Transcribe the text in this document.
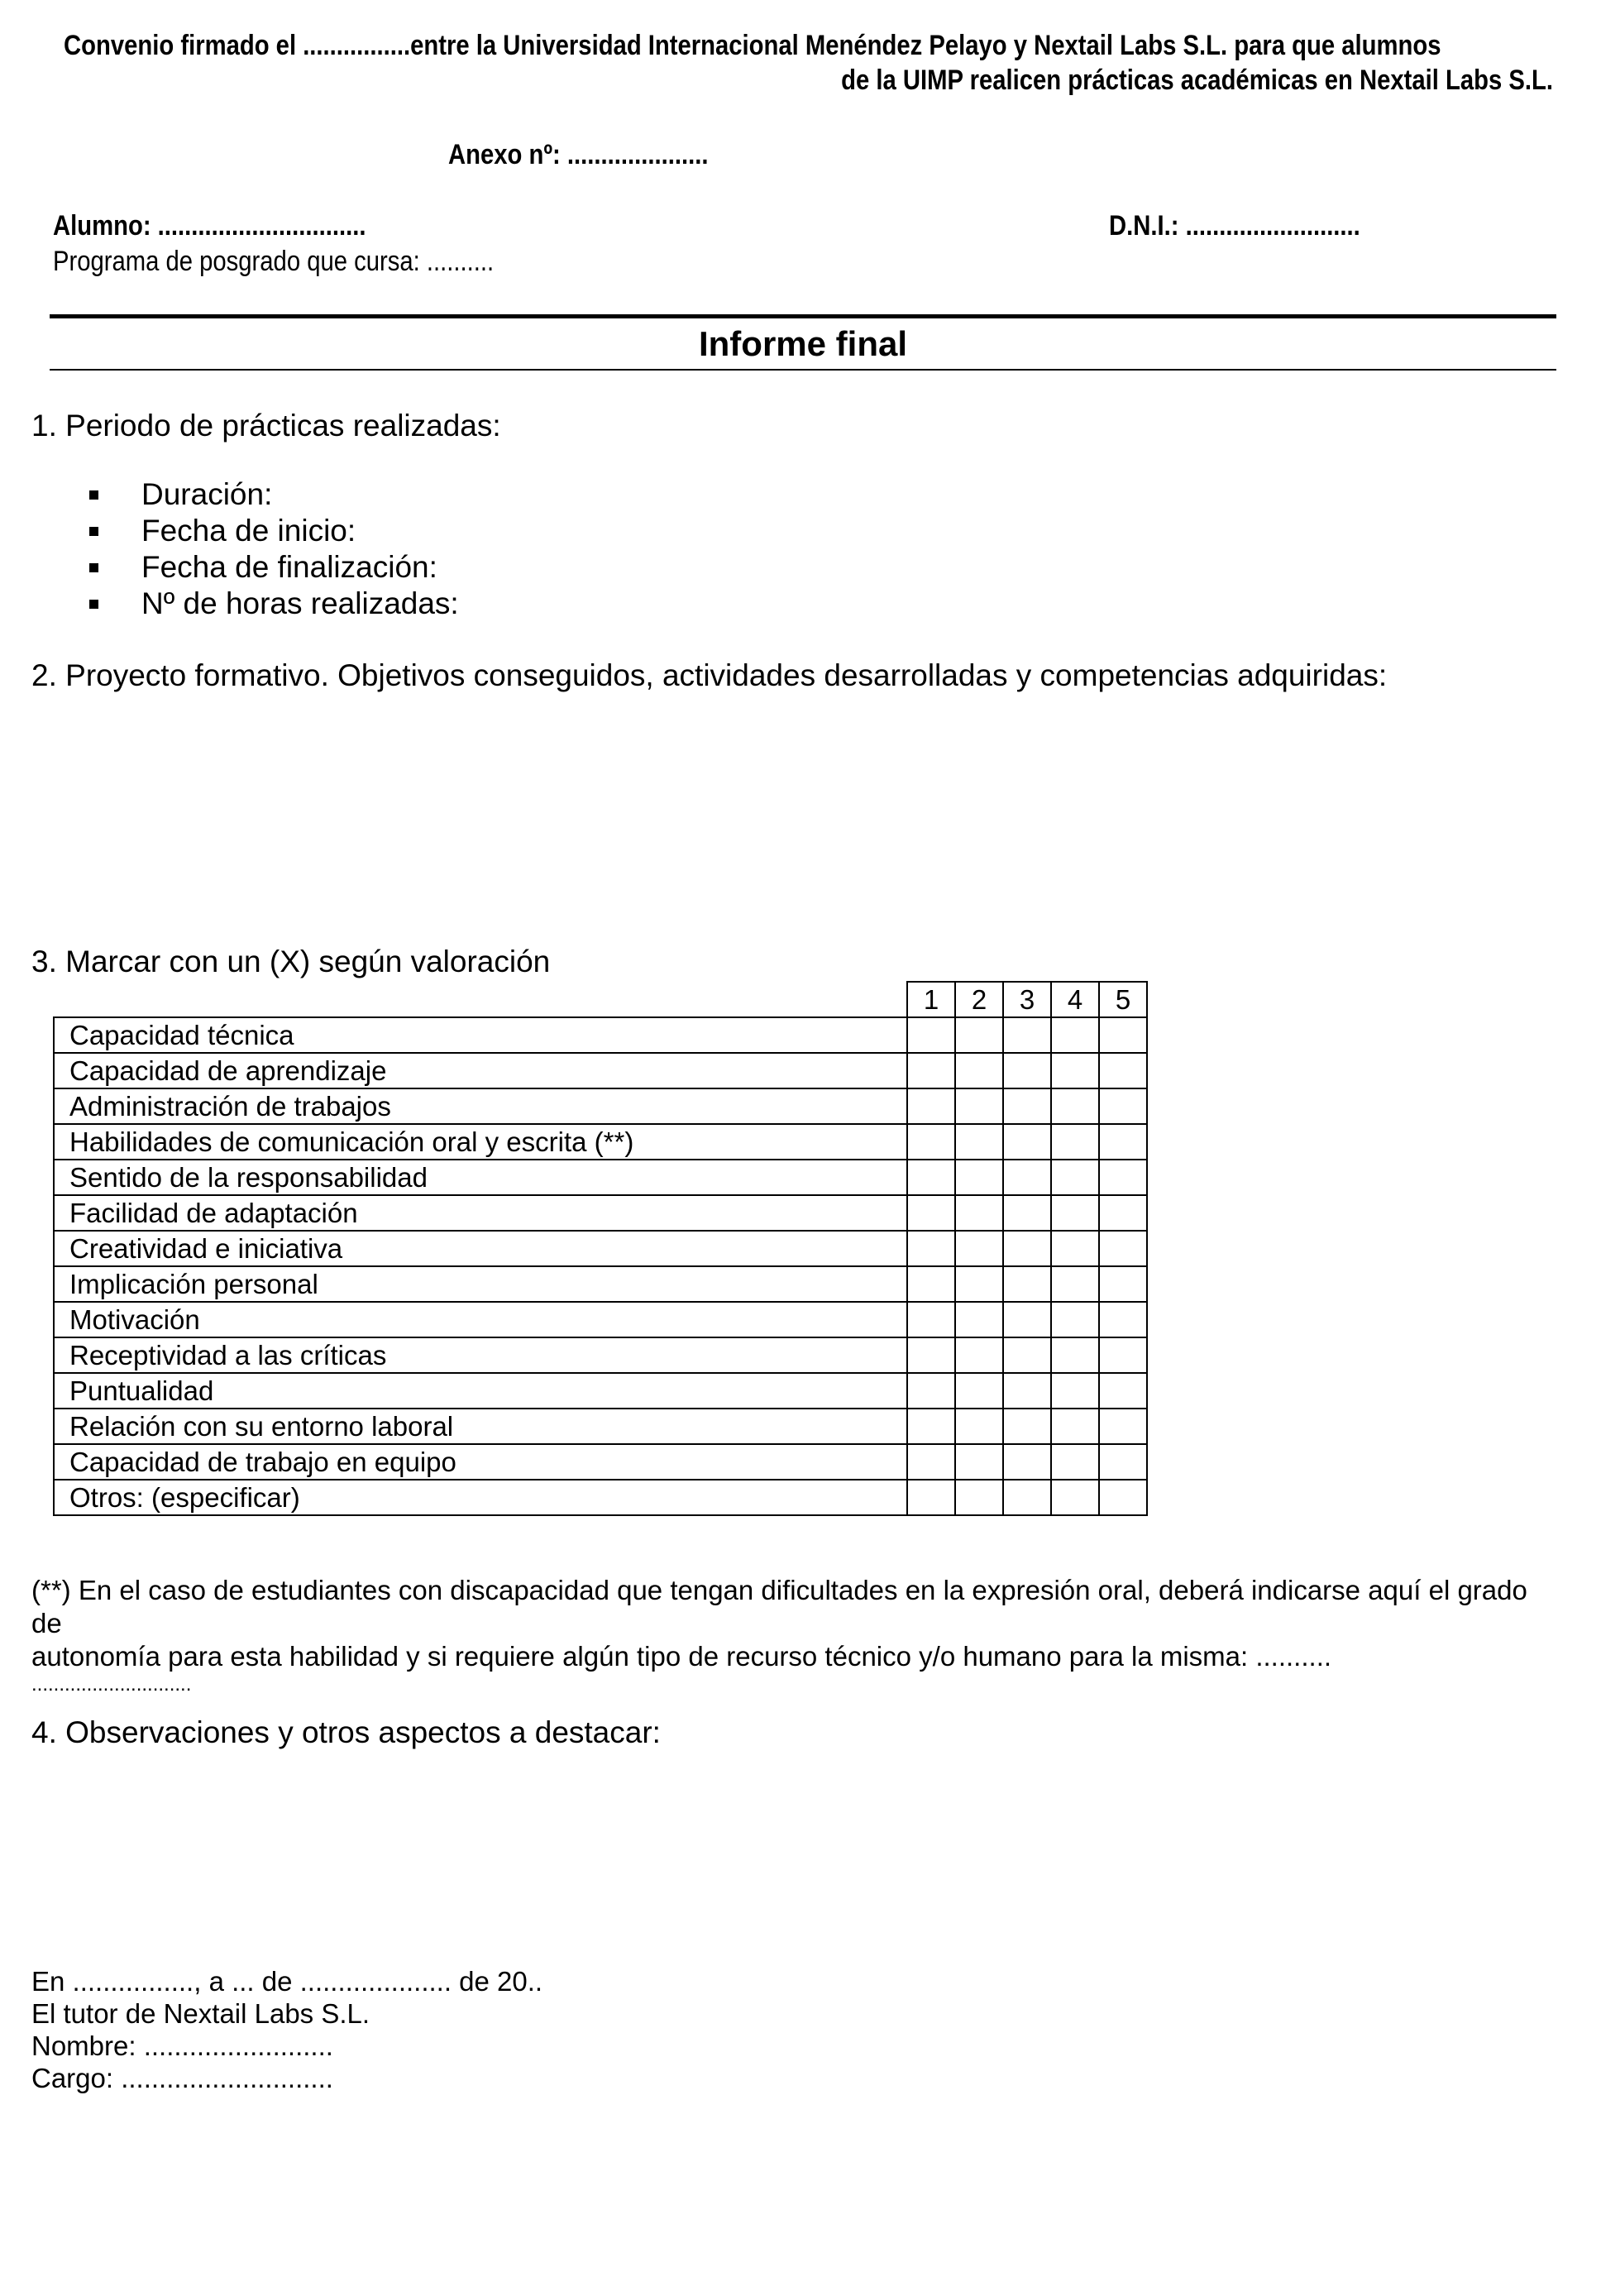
Convenio firmado el ................entre la Universidad Internacional Menéndez Pelayo y Nextail Labs S.L. para que alumnos

de la UIMP realicen prácticas académicas en Nextail Labs S.L.

Anexo nº: .....................

Alumno: ...............................	D.N.I.: ..........................

Programa de posgrado que cursa: ..........

Informe final

1. Periodo de prácticas realizadas:

Duración:
Fecha de inicio:
Fecha de finalización:
Nº de horas realizadas:

2. Proyecto formativo. Objetivos conseguidos, actividades desarrolladas y competencias adquiridas:

3. Marcar con un (X) según valoración

	1	2	3	4	5
Capacidad técnica					
Capacidad de aprendizaje					
Administración de trabajos					
Habilidades de comunicación oral y escrita (**)					
Sentido de la responsabilidad					
Facilidad de adaptación					
Creatividad e iniciativa					
Implicación personal					
Motivación					
Receptividad a las críticas					
Puntualidad					
Relación con su entorno laboral					
Capacidad de trabajo en equipo					
Otros: (especificar)					
(**) En el caso de estudiantes con discapacidad que tengan dificultades en la expresión oral, deberá indicarse aquí el grado de
autonomía para esta habilidad y si requiere algún tipo de recurso técnico y/o humano para la misma: ..........
.............................

4. Observaciones y otros aspectos a destacar:

En ................, a ... de .................... de 20..
El tutor de Nextail Labs S.L.
Nombre: .........................
Cargo: ............................
